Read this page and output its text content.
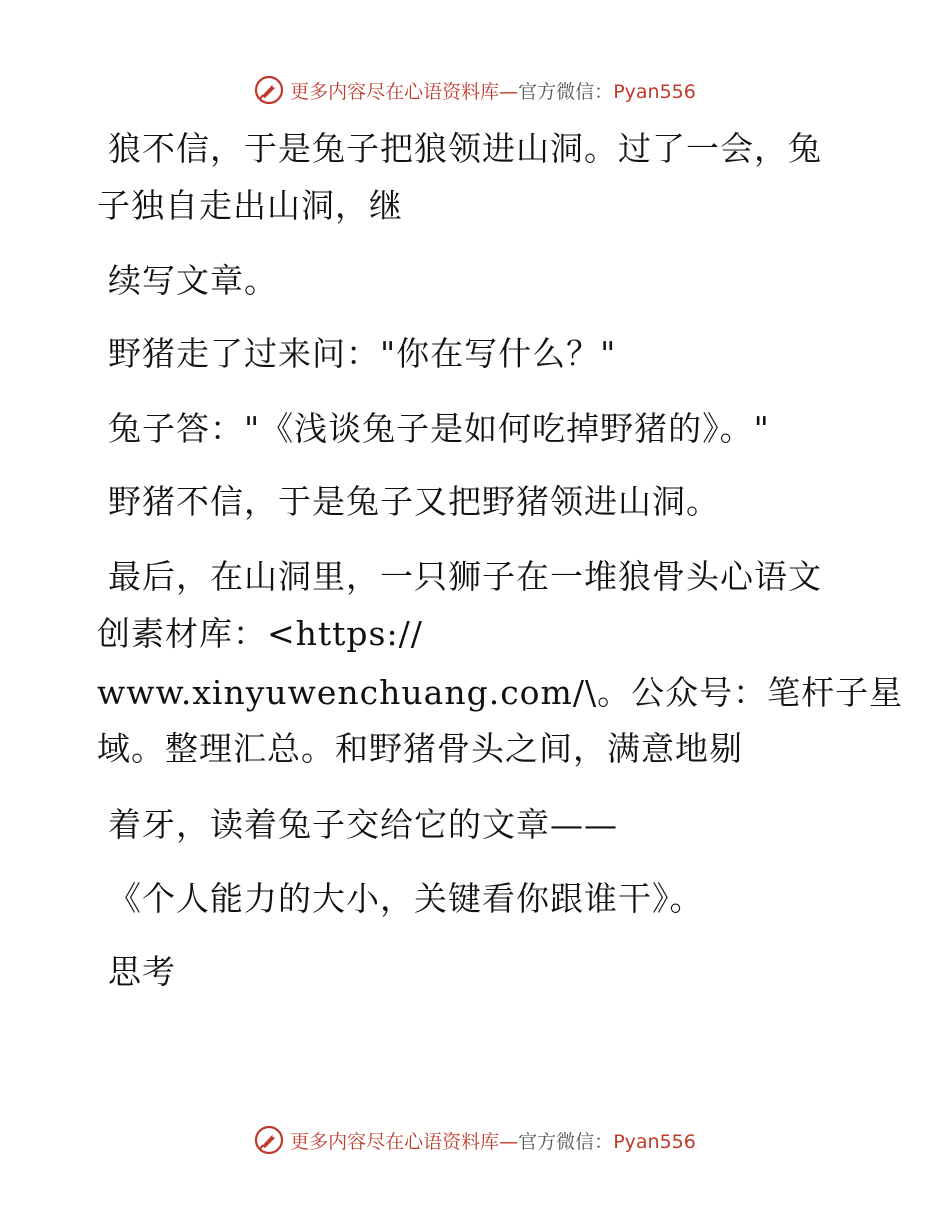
更多内容尽在心语资料库—官方微信：Pyan556
狼不信，于是兔子把狼领进山洞。过了一会，兔
子独自走出山洞，继
续写文章。
野猪走了过来问："你在写什么？"
兔子答："《浅谈兔子是如何吃掉野猪的》。"
野猪不信，于是兔子又把野猪领进山洞。
最后，在山洞里，一只狮子在一堆狼骨头心语文
创素材库：<https://
www.xinyuwenchuang.com/\。公众号：笔杆子星
域。整理汇总。和野猪骨头之间，满意地剔
着牙，读着兔子交给它的文章——
《个人能力的大小，关键看你跟谁干》。
思考
更多内容尽在心语资料库—官方微信：Pyan556
